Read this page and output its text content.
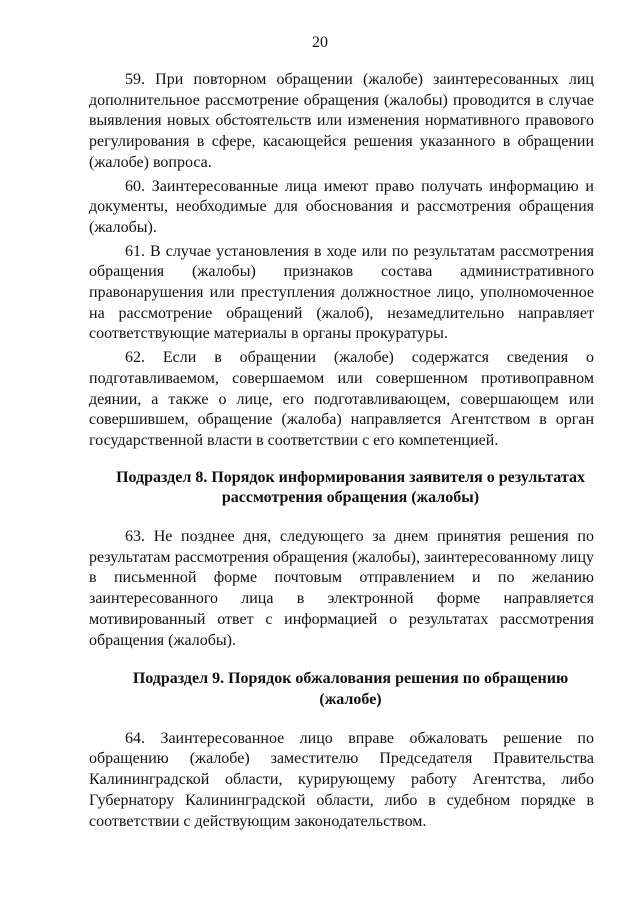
20

59. При повторном обращении (жалобе) заинтересованных лиц дополнительное рассмотрение обращения (жалобы) проводится в случае выявления новых обстоятельств или изменения нормативного правового регулирования в сфере, касающейся решения указанного в обращении (жалобе) вопроса.

60. Заинтересованные лица имеют право получать информацию и документы, необходимые для обоснования и рассмотрения обращения (жалобы).

61. В случае установления в ходе или по результатам рассмотрения обращения (жалобы) признаков состава административного правонарушения или преступления должностное лицо, уполномоченное на рассмотрение обращений (жалоб), незамедлительно направляет соответствующие материалы в органы прокуратуры.

62. Если в обращении (жалобе) содержатся сведения о подготавливаемом, совершаемом или совершенном противоправном деянии, а также о лице, его подготавливающем, совершающем или совершившем, обращение (жалоба) направляется Агентством в орган государственной власти в соответствии с его компетенцией.

Подраздел 8. Порядок информирования заявителя о результатах
рассмотрения обращения (жалобы)

63. Не позднее дня, следующего за днем принятия решения по результатам рассмотрения обращения (жалобы), заинтересованному лицу в письменной форме почтовым отправлением и по желанию заинтересованного лица в электронной форме направляется мотивированный ответ с информацией о результатах рассмотрения обращения (жалобы).

Подраздел 9. Порядок обжалования решения по обращению
(жалобе)

64. Заинтересованное лицо вправе обжаловать решение по обращению (жалобе) заместителю Председателя Правительства Калининградской области, курирующему работу Агентства, либо Губернатору Калининградской области, либо в судебном порядке в соответствии с действующим законодательством.
